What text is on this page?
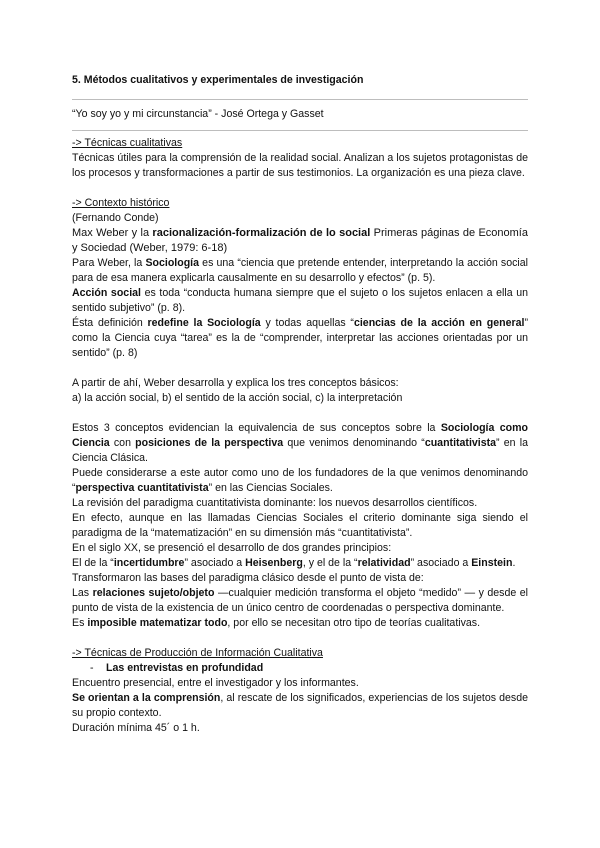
5. Métodos cualitativos y experimentales de investigación
“Yo soy yo y mi circunstancia” - José Ortega y Gasset
-> Técnicas cualitativas

Técnicas útiles para la comprensión de la realidad social. Analizan a los sujetos protagonistas de los procesos y transformaciones a partir de sus testimonios. La organización es una pieza clave.

-> Contexto histórico
(Fernando Conde)

Max Weber y la racionalización-formalización de lo social Primeras páginas de Economía y Sociedad (Weber, 1979: 6-18)

Para Weber, la Sociología es una “ciencia que pretende entender, interpretando la acción social para de esa manera explicarla causalmente en su desarrollo y efectos” (p. 5).

Acción social es toda “conducta humana siempre que el sujeto o los sujetos enlacen a ella un sentido subjetivo” (p. 8).

Ésta definición redefine la Sociología y todas aquellas “ciencias de la acción en general” como la Ciencia cuya “tarea” es la de “comprender, interpretar las acciones orientadas por un sentido” (p. 8)

A partir de ahí, Weber desarrolla y explica los tres conceptos básicos:
a) la acción social, b) el sentido de la acción social, c) la interpretación

Estos 3 conceptos evidencian la equivalencia de sus conceptos sobre la Sociología como Ciencia con posiciones de la perspectiva que venimos denominando “cuantitativista” en la Ciencia Clásica.

Puede considerarse a este autor como uno de los fundadores de la que venimos denominando “perspectiva cuantitativista” en las Ciencias Sociales.

La revisión del paradigma cuantitativista dominante: los nuevos desarrollos científicos.

En efecto, aunque en las llamadas Ciencias Sociales el criterio dominante siga siendo el paradigma de la “matematización” en su dimensión más “cuantitativista”.

En el siglo XX, se presenció el desarrollo de dos grandes principios:

El de la “incertidumbre” asociado a Heisenberg, y el de la “relatividad” asociado a Einstein.

Transformaron las bases del paradigma clásico desde el punto de vista de:

Las relaciones sujeto/objeto —cualquier medición transforma el objeto “medido” — y desde el punto de vista de la existencia de un único centro de coordenadas o perspectiva dominante.

Es imposible matematizar todo, por ello se necesitan otro tipo de teorías cualitativas.

-> Técnicas de Producción de Información Cualitativa
- Las entrevistas en profundidad
Encuentro presencial, entre el investigador y los informantes.

Se orientan a la comprensión, al rescate de los significados, experiencias de los sujetos desde su propio contexto.

Duración mínima 45´ o 1 h.
